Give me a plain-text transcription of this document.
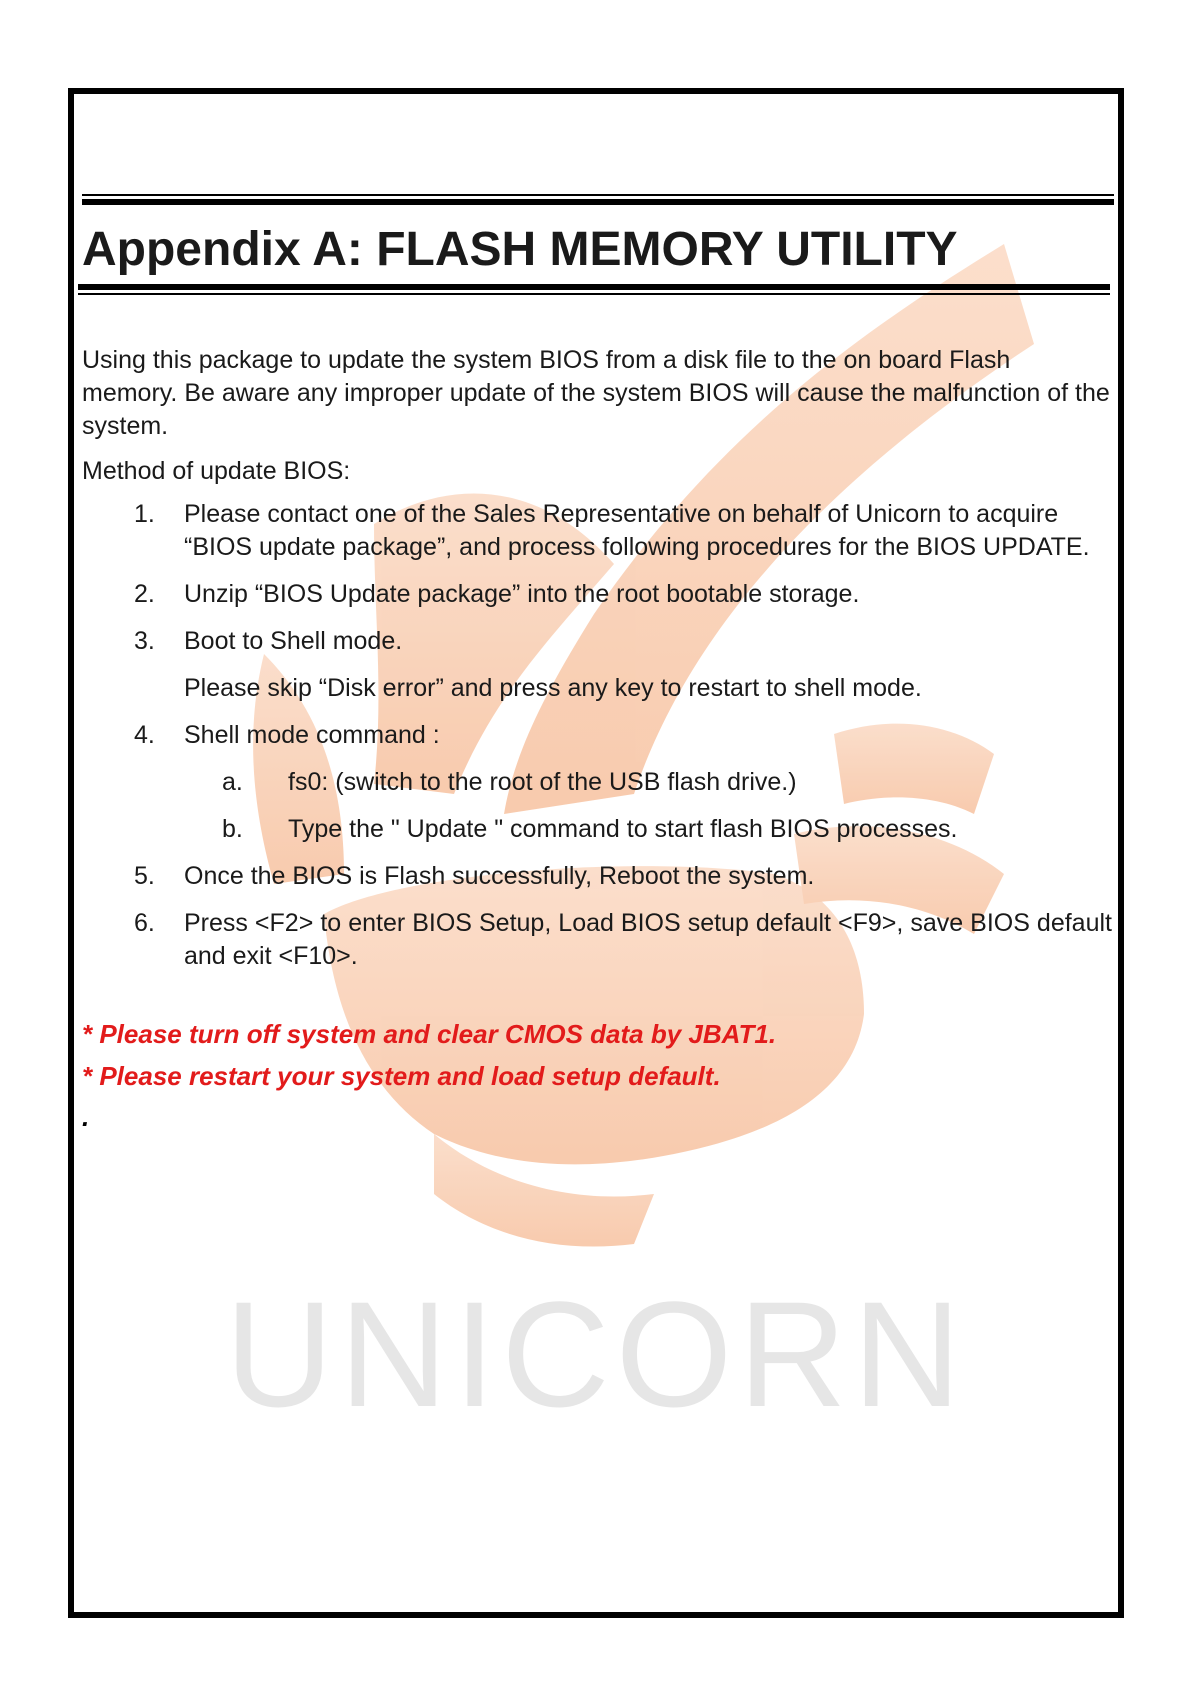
UNICORN
Appendix A: FLASH MEMORY UTILITY

Using this package to update the system BIOS from a disk file to the on board Flash memory. Be aware any improper update of the system BIOS will cause the malfunction of the system.

Method of update BIOS:

1. Please contact one of the Sales Representative on behalf of Unicorn to acquire “BIOS update package”, and process following procedures for the BIOS UPDATE.
2. Unzip “BIOS Update package” into the root bootable storage.
3. Boot to Shell mode.
Please skip “Disk error” and press any key to restart to shell mode.
4. Shell mode command :
a. fs0: (switch to the root of the USB flash drive.)
b. Type the " Update " command to start flash BIOS processes.
5. Once the BIOS is Flash successfully, Reboot the system.
6. Press <F2> to enter BIOS Setup, Load BIOS setup default <F9>, save BIOS default and exit <F10>.

* Please turn off system and clear CMOS data by JBAT1.

* Please restart your system and load setup default.

.
